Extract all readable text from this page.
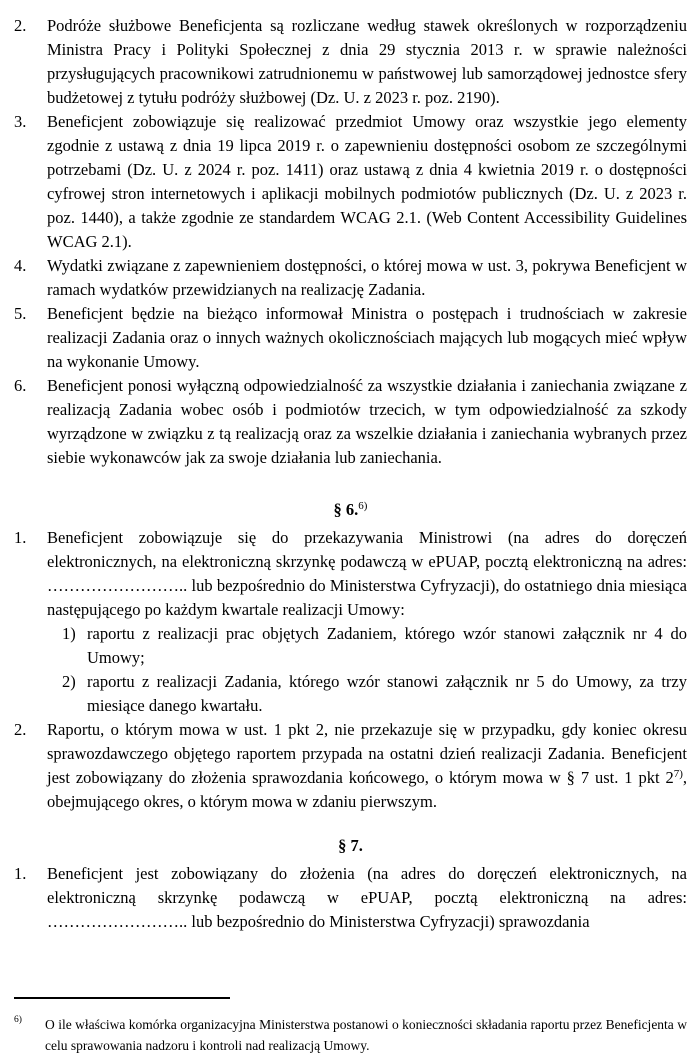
2.	Podróże służbowe Beneficjenta są rozliczane według stawek określonych w rozporządzeniu Ministra Pracy i Polityki Społecznej z dnia 29 stycznia 2013 r. w sprawie należności przysługujących pracownikowi zatrudnionemu w państwowej lub samorządowej jednostce sfery budżetowej z tytułu podróży służbowej (Dz. U. z 2023 r. poz. 2190).
3.	Beneficjent zobowiązuje się realizować przedmiot Umowy oraz wszystkie jego elementy zgodnie z ustawą z dnia 19 lipca 2019 r. o zapewnieniu dostępności osobom ze szczególnymi potrzebami (Dz. U. z 2024 r. poz. 1411) oraz ustawą z dnia 4 kwietnia 2019 r. o dostępności cyfrowej stron internetowych i aplikacji mobilnych podmiotów publicznych (Dz. U. z 2023 r. poz. 1440), a także zgodnie ze standardem WCAG 2.1. (Web Content Accessibility Guidelines WCAG 2.1).
4.	Wydatki związane z zapewnieniem dostępności, o której mowa w ust. 3, pokrywa Beneficjent w ramach wydatków przewidzianych na realizację Zadania.
5.	Beneficjent będzie na bieżąco informował Ministra o postępach i trudnościach w zakresie realizacji Zadania oraz o innych ważnych okolicznościach mających lub mogących mieć wpływ na wykonanie Umowy.
6.	Beneficjent ponosi wyłączną odpowiedzialność za wszystkie działania i zaniechania związane z realizacją Zadania wobec osób i podmiotów trzecich, w tym odpowiedzialność za szkody wyrządzone w związku z tą realizacją oraz za wszelkie działania i zaniechania wybranych przez siebie wykonawców jak za swoje działania lub zaniechania.
§ 6.$^{6)}$
1.	Beneficjent zobowiązuje się do przekazywania Ministrowi (na adres do doręczeń elektronicznych, na elektroniczną skrzynkę podawczą w ePUAP, pocztą elektroniczną na adres: …………………….. lub bezpośrednio do Ministerstwa Cyfryzacji), do ostatniego dnia miesiąca następującego po każdym kwartale realizacji Umowy:
1) raportu z realizacji prac objętych Zadaniem, którego wzór stanowi załącznik nr 4 do Umowy;
2) raportu z realizacji Zadania, którego wzór stanowi załącznik nr 5 do Umowy, za trzy miesiące danego kwartału.
2.	Raportu, o którym mowa w ust. 1 pkt 2, nie przekazuje się w przypadku, gdy koniec okresu sprawozdawczego objętego raportem przypada na ostatni dzień realizacji Zadania. Beneficjent jest zobowiązany do złożenia sprawozdania końcowego, o którym mowa w § 7 ust. 1 pkt 2$^{7)}$, obejmującego okres, o którym mowa w zdaniu pierwszym.
§ 7.
1.	Beneficjent jest zobowiązany do złożenia (na adres do doręczeń elektronicznych, na elektroniczną skrzynkę podawczą w ePUAP, pocztą elektroniczną na adres: …………………….. lub bezpośrednio do Ministerstwa Cyfryzacji) sprawozdania
6)	O ile właściwa komórka organizacyjna Ministerstwa postanowi o konieczności składania raportu przez Beneficjenta w celu sprawowania nadzoru i kontroli nad realizacją Umowy.
